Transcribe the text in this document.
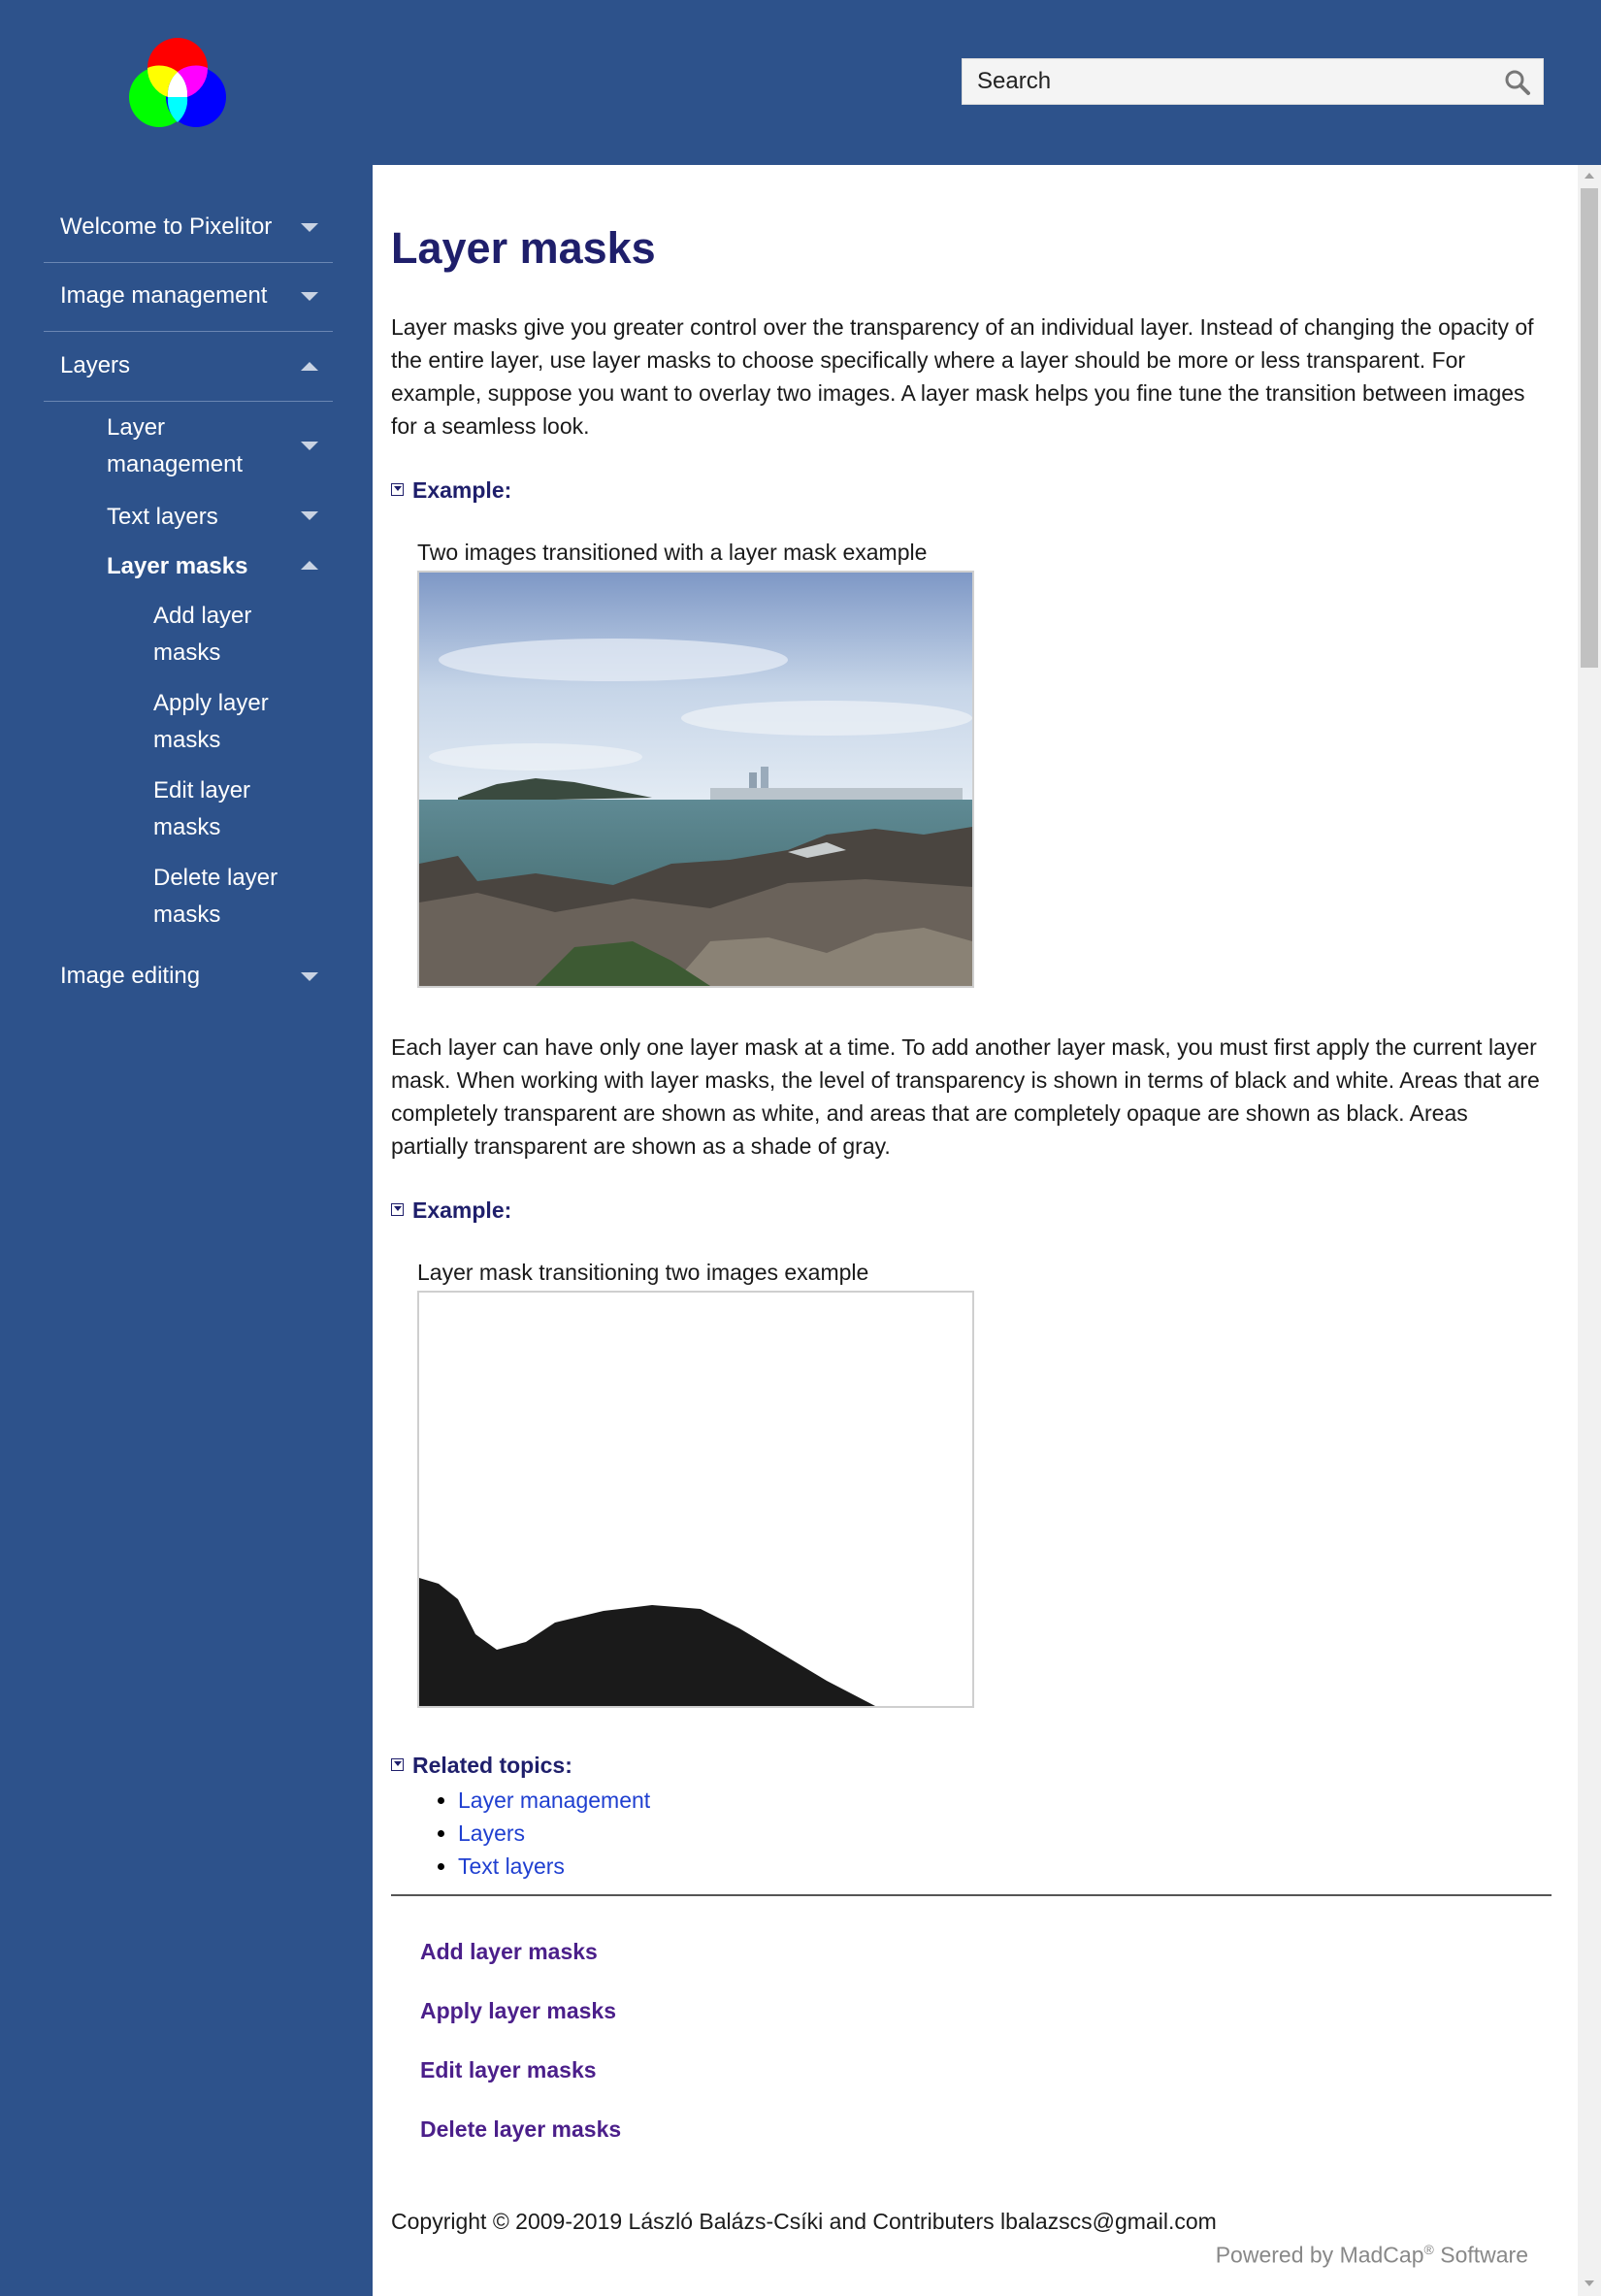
Search
Welcome to Pixelitor
Image management
Layers
Layer management
Text layers
Layer masks
Add layer masks
Apply layer masks
Edit layer masks
Delete layer masks
Image editing
Layer masks

Layer masks give you greater control over the transparency of an individual layer. Instead of changing the opacity of the entire layer, use layer masks to choose specifically where a layer should be more or less transparent. For example, suppose you want to overlay two images. A layer mask helps you fine tune the transition between images for a seamless look.

Example:
Two images transitioned with a layer mask example

Each layer can have only one layer mask at a time. To add another layer mask, you must first apply the current layer mask. When working with layer masks, the level of transparency is shown in terms of black and white. Areas that are completely transparent are shown as white, and areas that are completely opaque are shown as black. Areas partially transparent are shown as a shade of gray.

Example:
Layer mask transitioning two images example
Related topics:
• Layer management
• Layers
• Text layers
Add layer masks
Apply layer masks
Edit layer masks
Delete layer masks
Copyright © 2009-2019 László Balázs-Csíki and Contributers lbalazscs@gmail.com
Powered by MadCap® Software
